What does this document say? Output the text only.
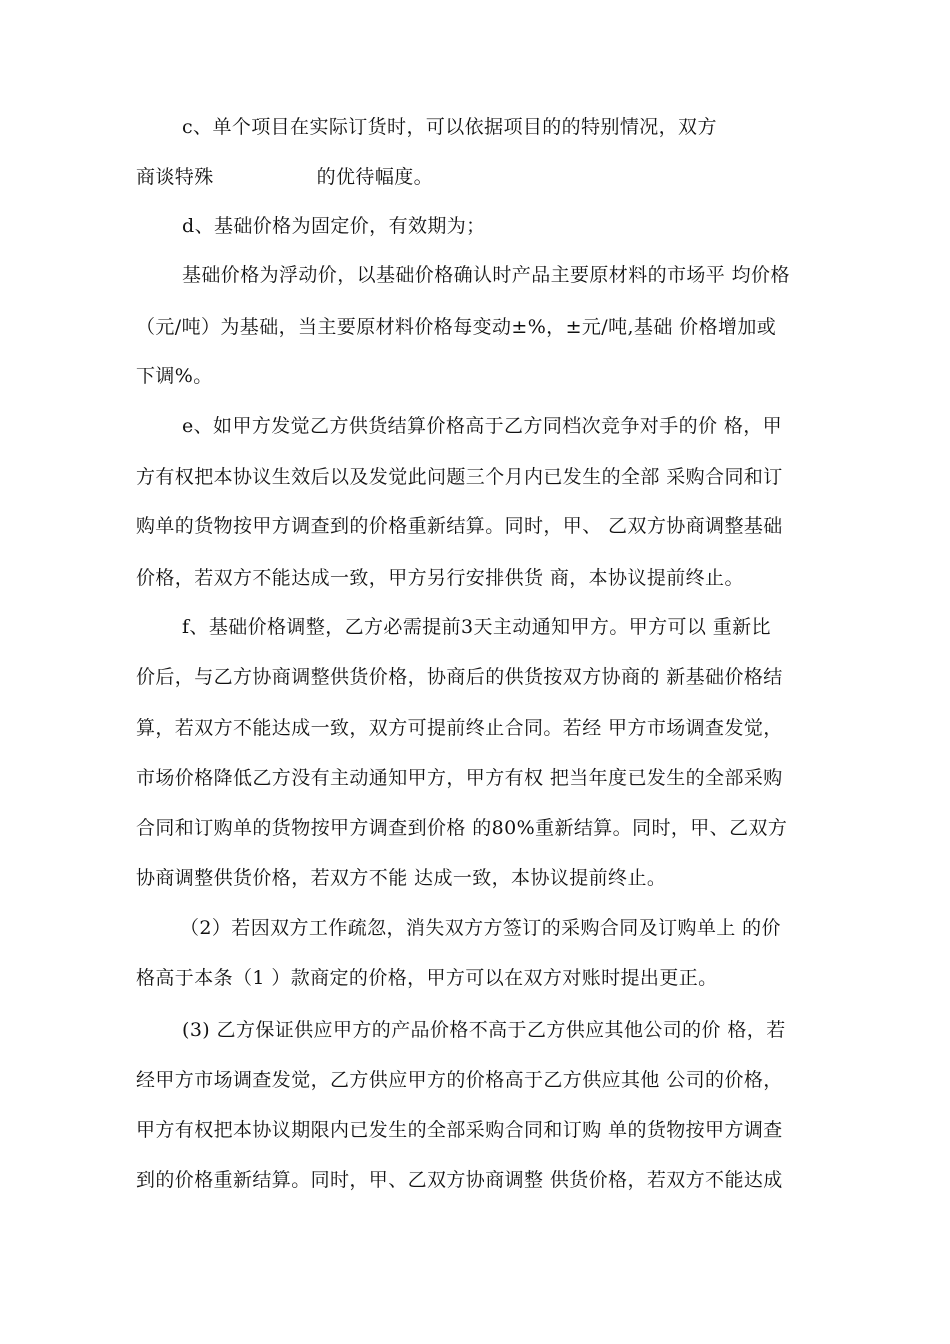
c、单个项目在实际订货时，可以依据项目的的特别情况，双方
商谈特殊                的优待幅度。
d、基础价格为固定价，有效期为；
基础价格为浮动价，以基础价格确认时产品主要原材料的市场平 均价格
（元/吨）为基础，当主要原材料价格每变动±%，±元/吨,基础 价格增加或
下调%。
e、如甲方发觉乙方供货结算价格高于乙方同档次竞争对手的价 格，甲
方有权把本协议生效后以及发觉此问题三个月内已发生的全部 采购合同和订
购单的货物按甲方调查到的价格重新结算。同时，甲、 乙双方协商调整基础
价格，若双方不能达成一致，甲方另行安排供货 商，本协议提前终止。
f、基础价格调整，乙方必需提前3天主动通知甲方。甲方可以 重新比
价后，与乙方协商调整供货价格，协商后的供货按双方协商的 新基础价格结
算，若双方不能达成一致，双方可提前终止合同。若经 甲方市场调查发觉，
市场价格降低乙方没有主动通知甲方，甲方有权 把当年度已发生的全部采购
合同和订购单的货物按甲方调查到价格 的80%重新结算。同时，甲、乙双方
协商调整供货价格，若双方不能 达成一致，本协议提前终止。
（2）若因双方工作疏忽，消失双方方签订的采购合同及订购单上 的价
格高于本条（1 ）款商定的价格，甲方可以在双方对账时提出更正。
(3) 乙方保证供应甲方的产品价格不高于乙方供应其他公司的价 格，若
经甲方市场调查发觉，乙方供应甲方的价格高于乙方供应其他 公司的价格，
甲方有权把本协议期限内已发生的全部采购合同和订购 单的货物按甲方调查
到的价格重新结算。同时，甲、乙双方协商调整 供货价格，若双方不能达成
